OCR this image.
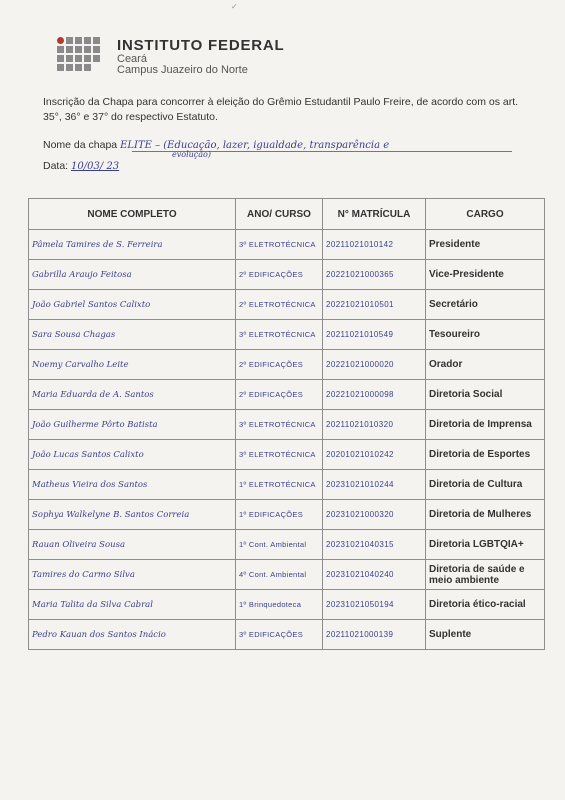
✓
INSTITUTO FEDERAL
Ceará
Campus Juazeiro do Norte
Inscrição da Chapa para concorrer à eleição do Grêmio Estudantil Paulo Freire, de acordo com os art. 35°, 36° e 37° do respectivo Estatuto.
Nome da chapa ELITE – (Educação, lazer, igualdade, transparência e
evolução)
Data: 10/03/ 23
NOME COMPLETO	ANO/ CURSO	N° MATRÍCULA	CARGO
Pâmela Tamires de S. Ferreira	3º ELETROTÉCNICA	20211021010142	Presidente
Gabrilla Araujo Feitosa	2º EDIFICAÇÕES	20221021000365	Vice-Presidente
João Gabriel Santos Calixto	2º ELETROTÉCNICA	20221021010501	Secretário
Sara Sousa Chagas	3º ELETROTÉCNICA	20211021010549	Tesoureiro
Noemy Carvalho Leite	2º EDIFICAÇÕES	20221021000020	Orador
Maria Eduarda de A. Santos	2º EDIFICAÇÕES	20221021000098	Diretoria Social
João Guilherme Pôrto Batista	3º ELETROTÉCNICA	20211021010320	Diretoria de Imprensa
João Lucas Santos Calixto	3º ELETROTÉCNICA	20201021010242	Diretoria de Esportes
Matheus Vieira dos Santos	1º ELETROTÉCNICA	20231021010244	Diretoria de Cultura
Sophya Walkelyne B. Santos Correia	1º EDIFICAÇÕES	20231021000320	Diretoria de Mulheres
Rauan Oliveira Sousa	1º Cont. Ambiental	20231021040315	Diretoria LGBTQIA+
Tamires do Carmo Silva	4º Cont. Ambiental	20231021040240	Diretoria de saúde e meio ambiente
Maria Talita da Silva Cabral	1º Brinquedoteca	20231021050194	Diretoria ético-racial
Pedro Kauan dos Santos Inácio	3º EDIFICAÇÕES	20211021000139	Suplente
